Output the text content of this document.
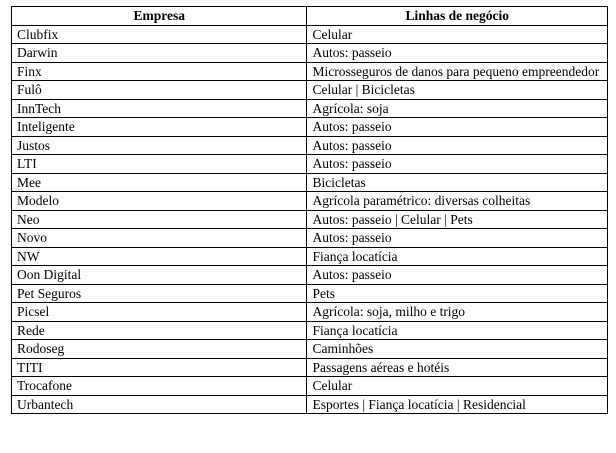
Empresa	Linhas de negócio
Clubfix	Celular
Darwin	Autos: passeio
Finx	Microsseguros de danos para pequeno empreendedor
Fulô	Celular | Bicicletas
InnTech	Agrícola: soja
Inteligente	Autos: passeio
Justos	Autos: passeio
LTI	Autos: passeio
Mee	Bicicletas
Modelo	Agrícola paramétrico: diversas colheitas
Neo	Autos: passeio | Celular | Pets
Novo	Autos: passeio
NW	Fiança locatícia
Oon Digital	Autos: passeio
Pet Seguros	Pets
Picsel	Agrícola: soja, milho e trigo
Rede	Fiança locatícia
Rodoseg	Caminhões
TITI	Passagens aéreas e hotéis
Trocafone	Celular
Urbantech	Esportes | Fiança locatícia | Residencial
